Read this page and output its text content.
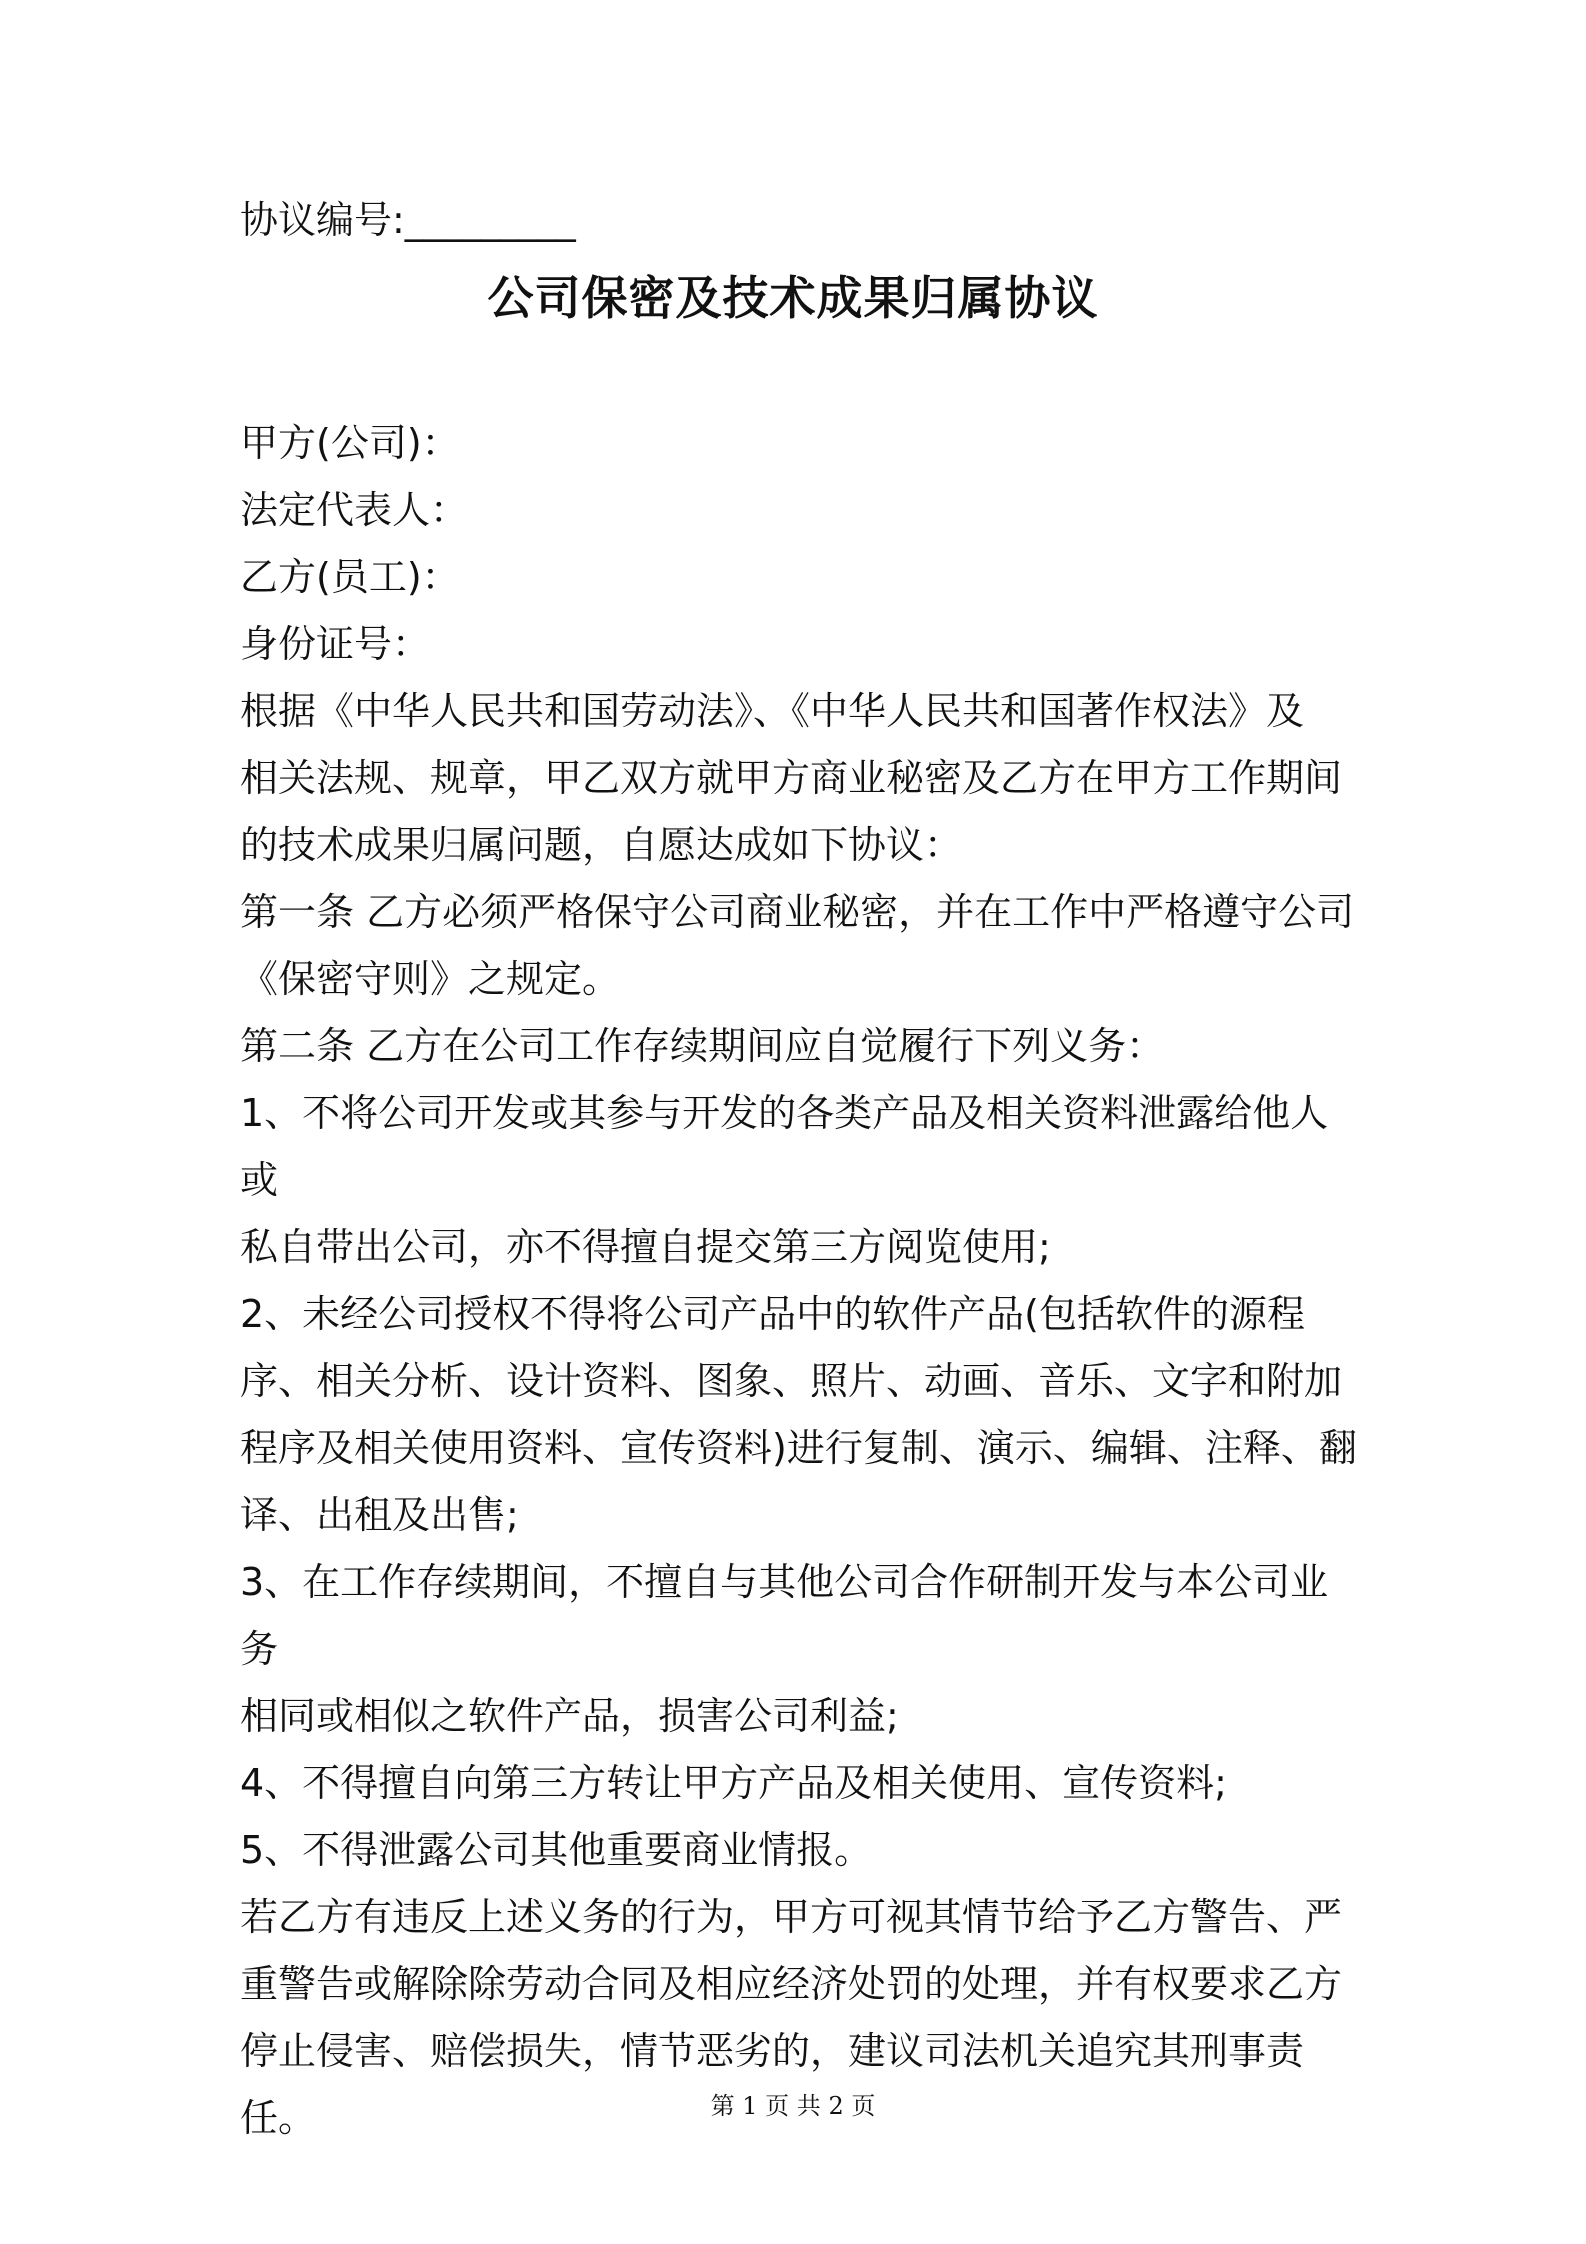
协议编号:_________
公司保密及技术成果归属协议

甲方(公司)：

法定代表人：

乙方(员工)：

身份证号：

根据《中华人民共和国劳动法》、《中华人民共和国著作权法》及

相关法规、规章，甲乙双方就甲方商业秘密及乙方在甲方工作期间

的技术成果归属问题，自愿达成如下协议：

第一条 乙方必须严格保守公司商业秘密，并在工作中严格遵守公司

《保密守则》之规定。

第二条 乙方在公司工作存续期间应自觉履行下列义务：

1、不将公司开发或其参与开发的各类产品及相关资料泄露给他人或

私自带出公司，亦不得擅自提交第三方阅览使用;

2、未经公司授权不得将公司产品中的软件产品(包括软件的源程

序、相关分析、设计资料、图象、照片、动画、音乐、文字和附加

程序及相关使用资料、宣传资料)进行复制、演示、编辑、注释、翻

译、出租及出售;

3、在工作存续期间，不擅自与其他公司合作研制开发与本公司业务

相同或相似之软件产品，损害公司利益;

4、不得擅自向第三方转让甲方产品及相关使用、宣传资料;

5、不得泄露公司其他重要商业情报。

若乙方有违反上述义务的行为，甲方可视其情节给予乙方警告、严

重警告或解除除劳动合同及相应经济处罚的处理，并有权要求乙方

停止侵害、赔偿损失，情节恶劣的，建议司法机关追究其刑事责

任。	第 1 页 共 2 页
